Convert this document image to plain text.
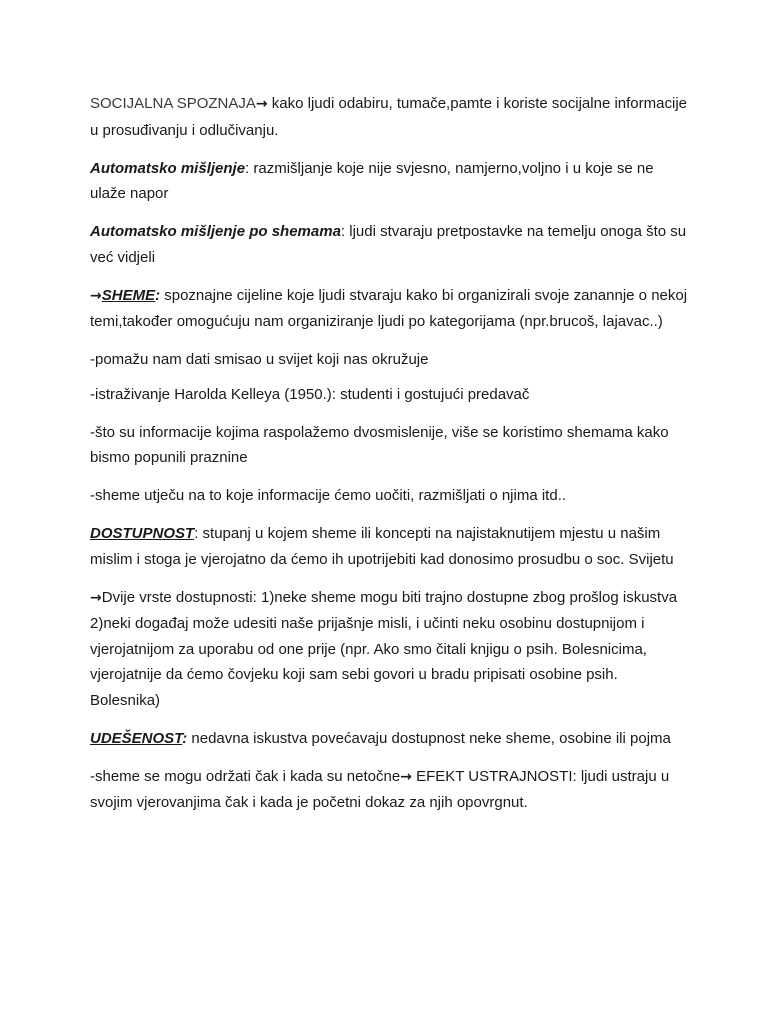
SOCIJALNA SPOZNAJA→ kako ljudi odabiru, tumače,pamte i koriste socijalne informacije u prosuđivanju i odlučivanju.

Automatsko mišljenje: razmišljanje koje nije svjesno, namjerno,voljno i u koje se ne ulaže napor

Automatsko mišljenje po shemama: ljudi stvaraju pretpostavke na temelju onoga što su već vidjeli

→SHEME: spoznajne cijeline koje ljudi stvaraju kako bi organizirali svoje zanannje o nekoj temi,također omogućuju nam organiziranje ljudi po kategorijama (npr.brucoš, lajavac..)

-pomažu nam dati smisao u svijet koji nas okružuje

-istraživanje Harolda Kelleya (1950.): studenti i gostujući predavač

-što su informacije kojima raspolažemo dvosmislenije, više se koristimo shemama kako bismo popunili praznine

-sheme utječu na to koje informacije ćemo uočiti, razmišljati o njima itd..

DOSTUPNOST: stupanj u kojem sheme ili koncepti na najistaknutijem mjestu u našim mislim i stoga je vjerojatno da ćemo ih upotrijebiti kad donosimo prosudbu o soc. Svijetu

→Dvije vrste dostupnosti: 1)neke sheme mogu biti trajno dostupne zbog prošlog iskustva 2)neki događaj može udesiti naše prijašnje misli, i učinti neku osobinu dostupnijom i vjerojatnijom za uporabu od one prije (npr. Ako smo čitali knjigu o psih. Bolesnicima, vjerojatnije da ćemo čovjeku koji sam sebi govori u bradu pripisati osobine psih. Bolesnika)

UDEŠENOST: nedavna iskustva povećavaju dostupnost neke sheme, osobine ili pojma

-sheme se mogu održati čak i kada su netočne→ EFEKT USTRAJNOSTI: ljudi ustraju u svojim vjerovanjima čak i kada je početni dokaz za njih opovrgnut.
